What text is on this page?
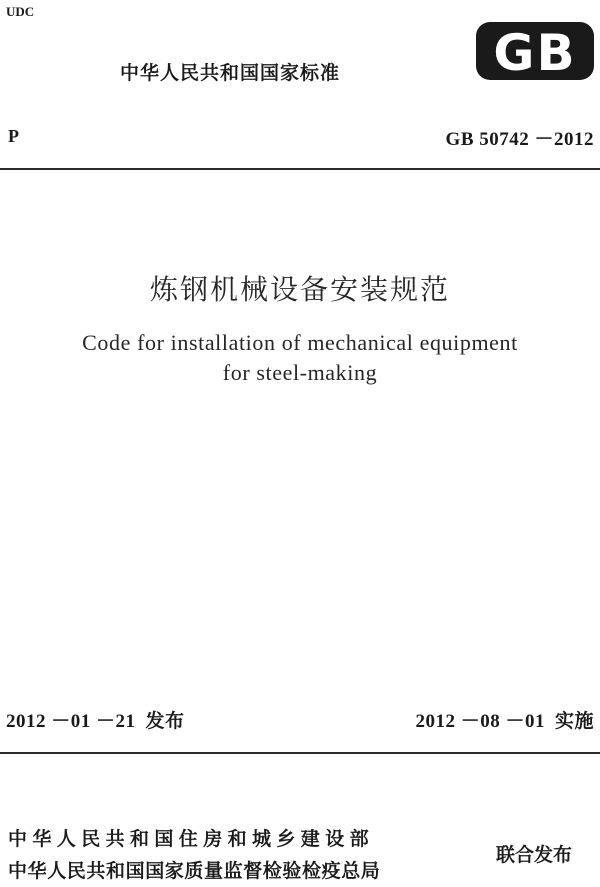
UDC
中华人民共和国国家标准	GB
P	GB 50742 －2012
炼钢机械设备安装规范
Code for installation of mechanical equipment
for steel-making
2012 －01 －21 发布	2012 －08 －01 实施
中华人民共和国住房和城乡建设部
中华人民共和国国家质量监督检验检疫总局
联合发布
